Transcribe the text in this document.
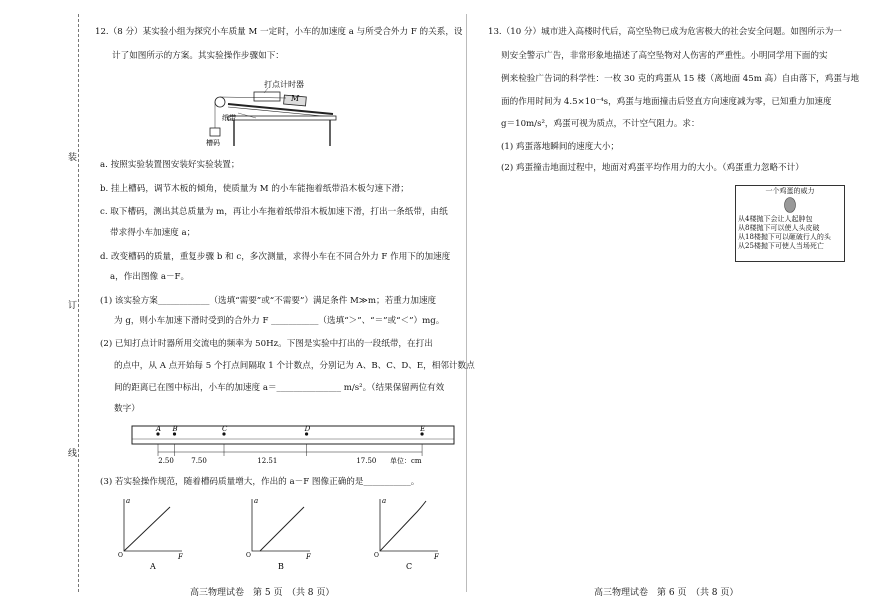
装
订
线
12.（8 分）某实验小组为探究小车质量 M 一定时，小车的加速度 a 与所受合外力 F 的关系，设
计了如图所示的方案。其实验操作步骤如下：
打点计时器
M
纸带
槽码
a. 按照实验装置图安装好实验装置；
b. 挂上槽码，调节木板的倾角，使质量为 M 的小车能拖着纸带沿木板匀速下滑；
c. 取下槽码，测出其总质量为 m，再让小车拖着纸带沿木板加速下滑，打出一条纸带，由纸
带求得小车加速度 a；
d. 改变槽码的质量，重复步骤 b 和 c，多次测量，求得小车在不同合外力 F 作用下的加速度
a，作出图像 a－F。
(1) 该实验方案____________（选填“需要”或“不需要”）满足条件 M≫m；若重力加速度
为 g，则小车加速下滑时受到的合外力 F ___________（选填“＞”、“＝”或“＜”）mg。
(2) 已知打点计时器所用交流电的频率为 50Hz。下图是实验中打出的一段纸带，在打出
的点中，从 A 点开始每 5 个打点间隔取 1 个计数点，分别记为 A、B、C、D、E，相邻计数点
间的距离已在图中标出，小车的加速度 a＝_______________ m/s²。（结果保留两位有效
数字）
A B	C	D	E
2.50 7.50	12.51	17.50 单位：cm
(3) 若实验操作规范，随着槽码质量增大，作出的 a－F 图像正确的是___________。
a
F
O
A
a
F
O
B
a
F
O
C
13.（10 分）城市进入高楼时代后，高空坠物已成为危害极大的社会安全问题。如图所示为一
则安全警示广告，非常形象地描述了高空坠物对人伤害的严重性。小明同学用下面的实
例来检验广告词的科学性：一枚 30 克的鸡蛋从 15 楼（离地面 45m 高）自由落下，鸡蛋与地
面的作用时间为 4.5×10⁻⁴s，鸡蛋与地面撞击后竖直方向速度减为零，已知重力加速度
g＝10m/s²，鸡蛋可视为质点，不计空气阻力。求：
(1) 鸡蛋落地瞬间的速度大小；
(2) 鸡蛋撞击地面过程中，地面对鸡蛋平均作用力的大小。（鸡蛋重力忽略不计）
一个鸡蛋的威力
从4楼抛下会让人起肿包
从8楼抛下可以使人头皮破
从18楼抛下可以砸破行人的头
从25楼抛下可使人当场死亡
高三物理试卷　第 5 页　（共 8 页）	高三物理试卷　第 6 页　（共 8 页）
